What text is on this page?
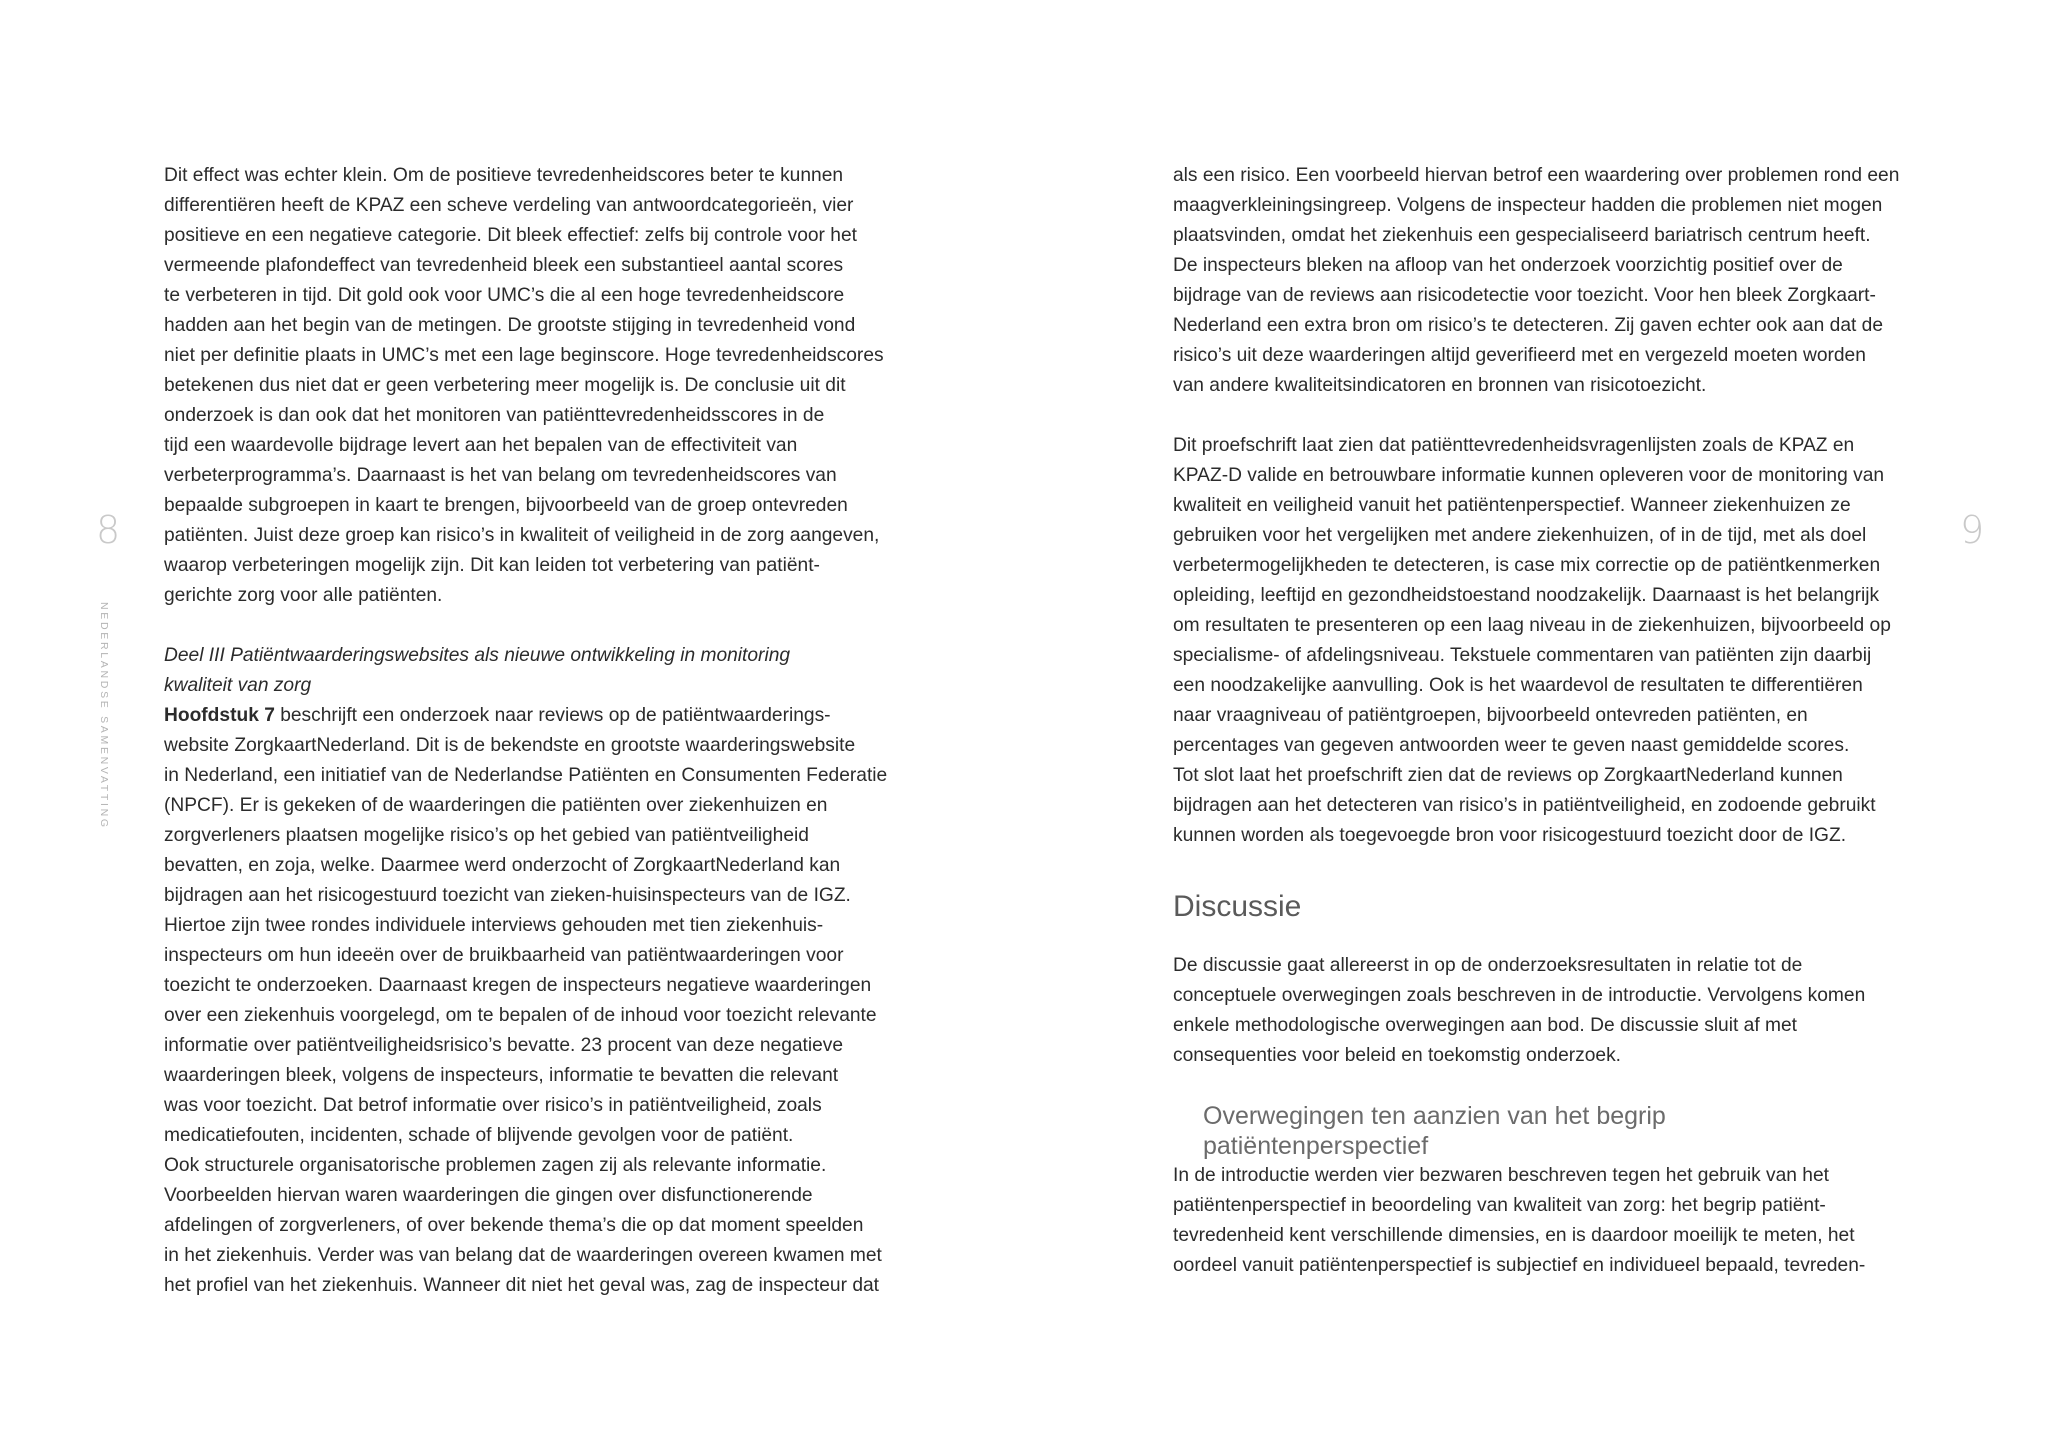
8
NEDERLANDSE SAMENVATTING

Dit effect was echter klein. Om de positieve tevredenheidscores beter te kunnen

differentiëren heeft de KPAZ een scheve verdeling van antwoordcategorieën, vier

positieve en een negatieve categorie. Dit bleek effectief: zelfs bij controle voor het

vermeende plafondeffect van tevredenheid bleek een substantieel aantal scores

te verbeteren in tijd. Dit gold ook voor UMC’s die al een hoge tevredenheidscore

hadden aan het begin van de metingen. De grootste stijging in tevredenheid vond

niet per definitie plaats in UMC’s met een lage beginscore. Hoge tevredenheidscores

betekenen dus niet dat er geen verbetering meer mogelijk is. De conclusie uit dit

onderzoek is dan ook dat het monitoren van patiënttevredenheidsscores in de

tijd een waardevolle bijdrage levert aan het bepalen van de effectiviteit van

verbeterprogramma’s. Daarnaast is het van belang om tevredenheidscores van

bepaalde subgroepen in kaart te brengen, bijvoorbeeld van de groep ontevreden

patiënten. Juist deze groep kan risico’s in kwaliteit of veiligheid in de zorg aangeven,

waarop verbeteringen mogelijk zijn. Dit kan leiden tot verbetering van patiënt-

gerichte zorg voor alle patiënten.

Deel III Patiëntwaarderingswebsites als nieuwe ontwikkeling in monitoring

kwaliteit van zorg

Hoofdstuk 7 beschrijft een onderzoek naar reviews op de patiëntwaarderings-

website ZorgkaartNederland. Dit is de bekendste en grootste waarderingswebsite

in Nederland, een initiatief van de Nederlandse Patiënten en Consumenten Federatie

(NPCF). Er is gekeken of de waarderingen die patiënten over ziekenhuizen en

zorgverleners plaatsen mogelijke risico’s op het gebied van patiëntveiligheid

bevatten, en zoja, welke. Daarmee werd onderzocht of ZorgkaartNederland kan

bijdragen aan het risicogestuurd toezicht van zieken-huisinspecteurs van de IGZ.

Hiertoe zijn twee rondes individuele interviews gehouden met tien ziekenhuis-

inspecteurs om hun ideeën over de bruikbaarheid van patiëntwaarderingen voor

toezicht te onderzoeken. Daarnaast kregen de inspecteurs negatieve waarderingen

over een ziekenhuis voorgelegd, om te bepalen of de inhoud voor toezicht relevante

informatie over patiëntveiligheidsrisico’s bevatte. 23 procent van deze negatieve

waarderingen bleek, volgens de inspecteurs, informatie te bevatten die relevant

was voor toezicht. Dat betrof informatie over risico’s in patiëntveiligheid, zoals

medicatiefouten, incidenten, schade of blijvende gevolgen voor de patiënt.

Ook structurele organisatorische problemen zagen zij als relevante informatie.

Voorbeelden hiervan waren waarderingen die gingen over disfunctionerende

afdelingen of zorgverleners, of over bekende thema’s die op dat moment speelden

in het ziekenhuis. Verder was van belang dat de waarderingen overeen kwamen met

het profiel van het ziekenhuis. Wanneer dit niet het geval was, zag de inspecteur dat

9

als een risico. Een voorbeeld hiervan betrof een waardering over problemen rond een

maagverkleiningsingreep. Volgens de inspecteur hadden die problemen niet mogen

plaatsvinden, omdat het ziekenhuis een gespecialiseerd bariatrisch centrum heeft.

De inspecteurs bleken na afloop van het onderzoek voorzichtig positief over de

bijdrage van de reviews aan risicodetectie voor toezicht. Voor hen bleek Zorgkaart-

Nederland een extra bron om risico’s te detecteren. Zij gaven echter ook aan dat de

risico’s uit deze waarderingen altijd geverifieerd met en vergezeld moeten worden

van andere kwaliteitsindicatoren en bronnen van risicotoezicht.

Dit proefschrift laat zien dat patiënttevredenheidsvragenlijsten zoals de KPAZ en

KPAZ-D valide en betrouwbare informatie kunnen opleveren voor de monitoring van

kwaliteit en veiligheid vanuit het patiëntenperspectief. Wanneer ziekenhuizen ze

gebruiken voor het vergelijken met andere ziekenhuizen, of in de tijd, met als doel

verbetermogelijkheden te detecteren, is case mix correctie op de patiëntkenmerken

opleiding, leeftijd en gezondheidstoestand noodzakelijk. Daarnaast is het belangrijk

om resultaten te presenteren op een laag niveau in de ziekenhuizen, bijvoorbeeld op

specialisme- of afdelingsniveau. Tekstuele commentaren van patiënten zijn daarbij

een noodzakelijke aanvulling. Ook is het waardevol de resultaten te differentiëren

naar vraagniveau of patiëntgroepen, bijvoorbeeld ontevreden patiënten, en

percentages van gegeven antwoorden weer te geven naast gemiddelde scores.

Tot slot laat het proefschrift zien dat de reviews op ZorgkaartNederland kunnen

bijdragen aan het detecteren van risico’s in patiëntveiligheid, en zodoende gebruikt

kunnen worden als toegevoegde bron voor risicogestuurd toezicht door de IGZ.

Discussie

De discussie gaat allereerst in op de onderzoeksresultaten in relatie tot de

conceptuele overwegingen zoals beschreven in de introductie. Vervolgens komen

enkele methodologische overwegingen aan bod. De discussie sluit af met

consequenties voor beleid en toekomstig onderzoek.

Overwegingen ten aanzien van het begrip
patiëntenperspectief

In de introductie werden vier bezwaren beschreven tegen het gebruik van het

patiëntenperspectief in beoordeling van kwaliteit van zorg: het begrip patiënt-

tevredenheid kent verschillende dimensies, en is daardoor moeilijk te meten, het

oordeel vanuit patiëntenperspectief is subjectief en individueel bepaald, tevreden-
